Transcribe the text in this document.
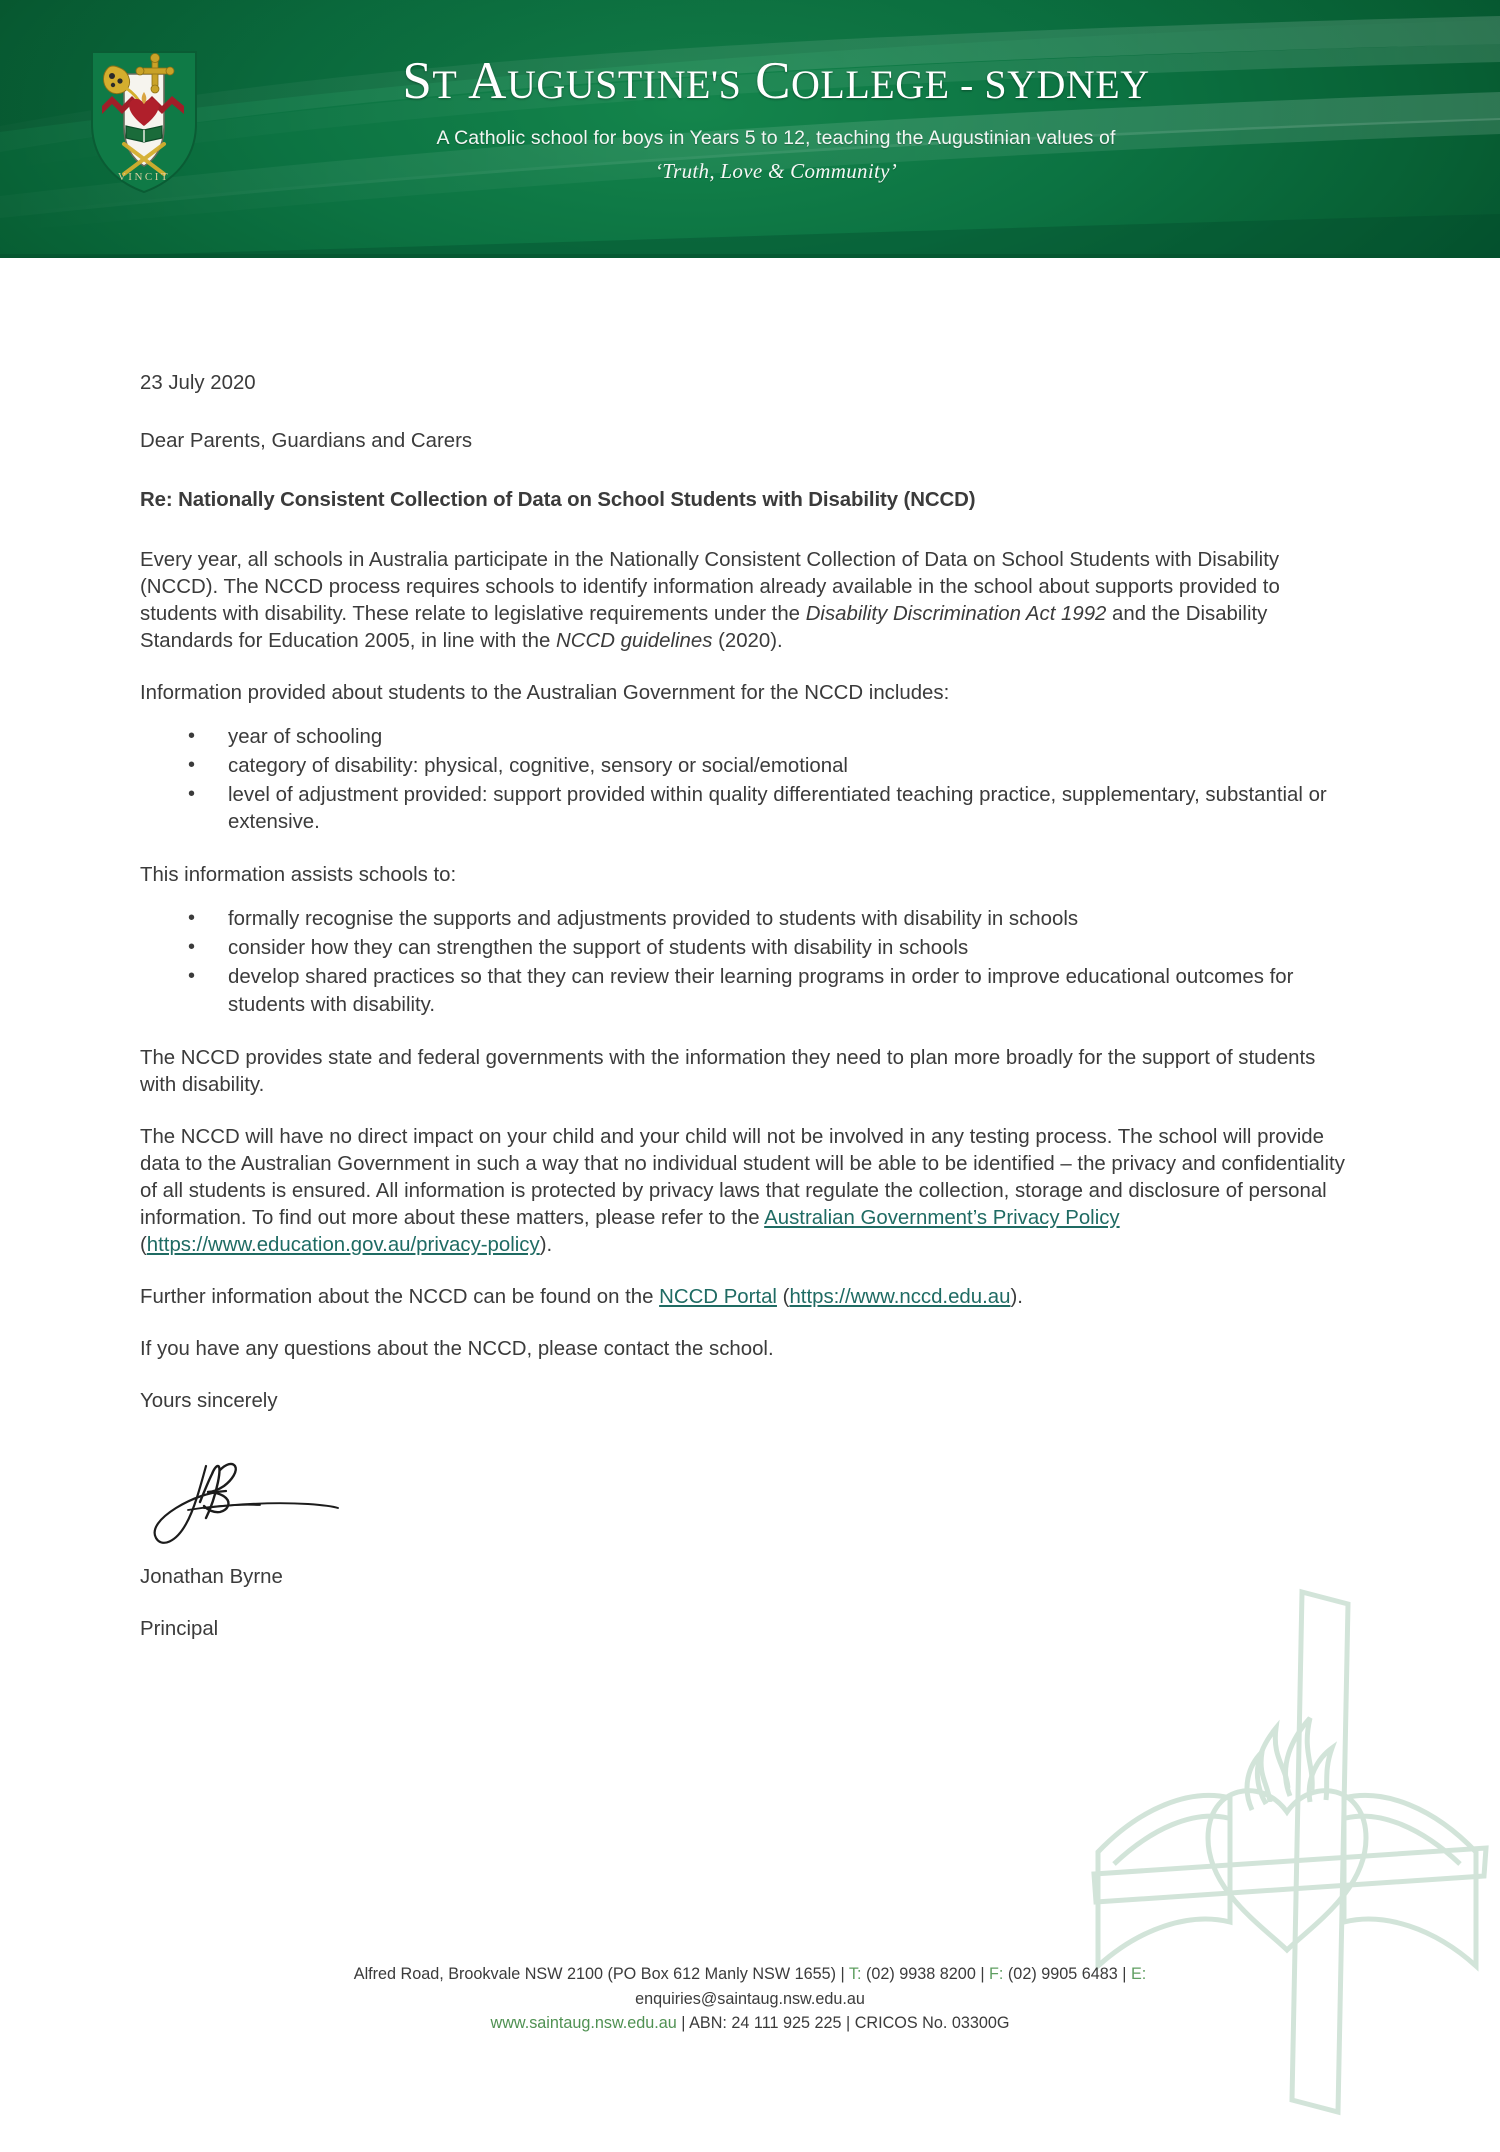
VINCIT
ST AUGUSTINE'S COLLEGE - SYDNEY
A Catholic school for boys in Years 5 to 12, teaching the Augustinian values of
‘Truth, Love & Community’

23 July 2020

Dear Parents, Guardians and Carers

Re: Nationally Consistent Collection of Data on School Students with Disability (NCCD)

Every year, all schools in Australia participate in the Nationally Consistent Collection of Data on School Students with Disability (NCCD). The NCCD process requires schools to identify information already available in the school about supports provided to students with disability. These relate to legislative requirements under the Disability Discrimination Act 1992 and the Disability Standards for Education 2005, in line with the NCCD guidelines (2020).

Information provided about students to the Australian Government for the NCCD includes:

• year of schooling
• category of disability: physical, cognitive, sensory or social/emotional
• level of adjustment provided: support provided within quality differentiated teaching practice, supplementary, substantial or extensive.

This information assists schools to:

• formally recognise the supports and adjustments provided to students with disability in schools
• consider how they can strengthen the support of students with disability in schools
• develop shared practices so that they can review their learning programs in order to improve educational outcomes for students with disability.

The NCCD provides state and federal governments with the information they need to plan more broadly for the support of students with disability.

The NCCD will have no direct impact on your child and your child will not be involved in any testing process. The school will provide data to the Australian Government in such a way that no individual student will be able to be identified – the privacy and confidentiality of all students is ensured. All information is protected by privacy laws that regulate the collection, storage and disclosure of personal information. To find out more about these matters, please refer to the Australian Government’s Privacy Policy (https://www.education.gov.au/privacy-policy).

Further information about the NCCD can be found on the NCCD Portal (https://www.nccd.edu.au).

If you have any questions about the NCCD, please contact the school.

Yours sincerely

Jonathan Byrne

Principal

Alfred Road, Brookvale NSW 2100 (PO Box 612 Manly NSW 1655) | T: (02) 9938 8200 | F: (02) 9905 6483 | E:
enquiries@saintaug.nsw.edu.au
www.saintaug.nsw.edu.au | ABN: 24 111 925 225 | CRICOS No. 03300G
